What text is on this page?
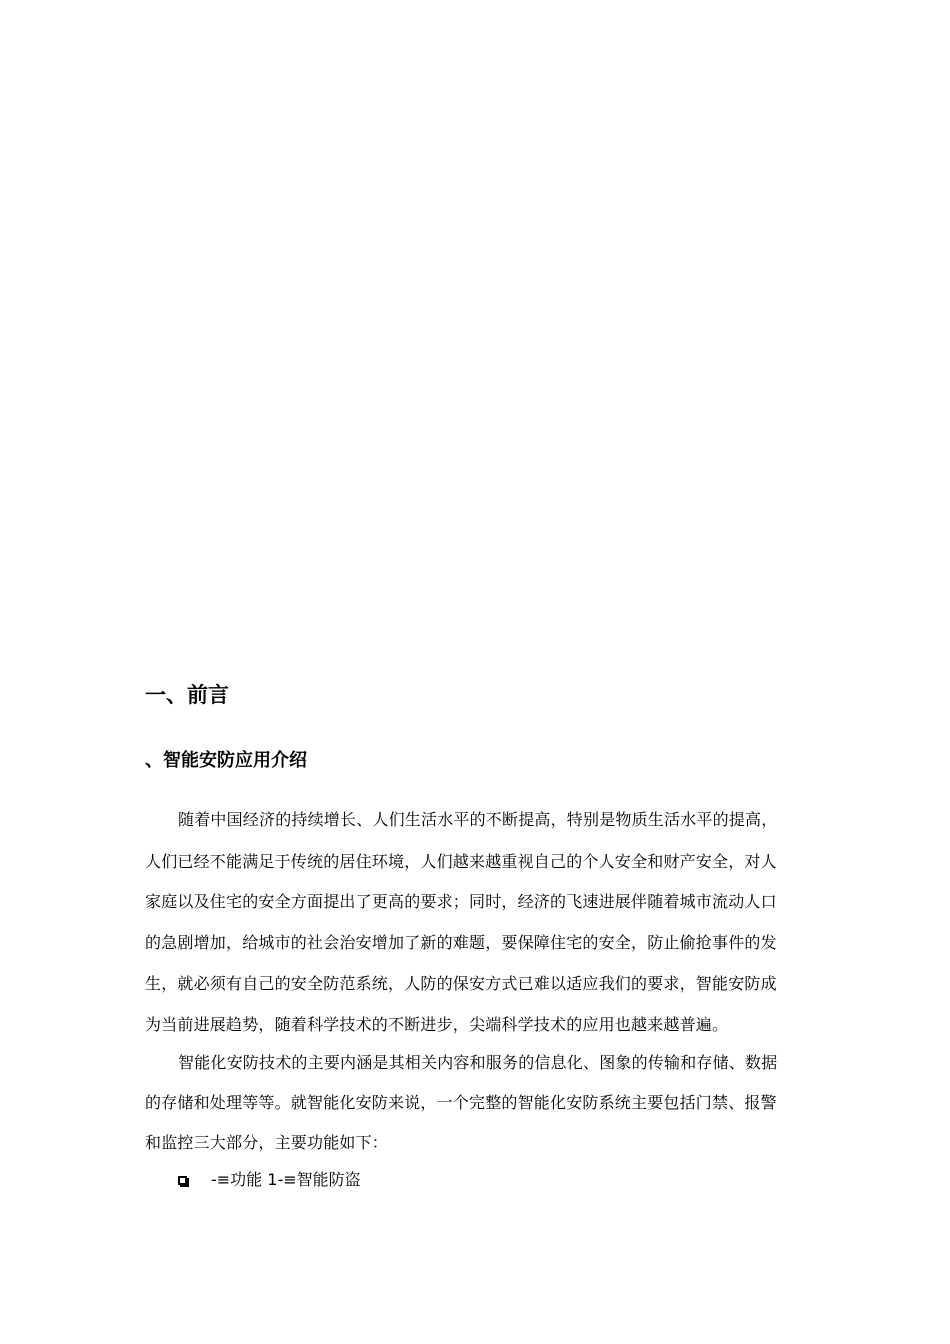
一、前言
、智能安防应用介绍
随着中国经济的持续增长、人们生活水平的不断提高，特别是物质生活水平的提高，
人们已经不能满足于传统的居住环境，人们越来越重视自己的个人安全和财产安全，对人
家庭以及住宅的安全方面提出了更高的要求；同时，经济的飞速进展伴随着城市流动人口
的急剧增加，给城市的社会治安增加了新的难题，要保障住宅的安全，防止偷抢事件的发
生，就必须有自己的安全防范系统，人防的保安方式已难以适应我们的要求，智能安防成
为当前进展趋势，随着科学技术的不断进步，尖端科学技术的应用也越来越普遍。
智能化安防技术的主要内涵是其相关内容和服务的信息化、图象的传输和存储、数据
的存储和处理等等。就智能化安防来说，一个完整的智能化安防系统主要包括门禁、报警
和监控三大部分，主要功能如下：
-≡功能 1-≡智能防盗
